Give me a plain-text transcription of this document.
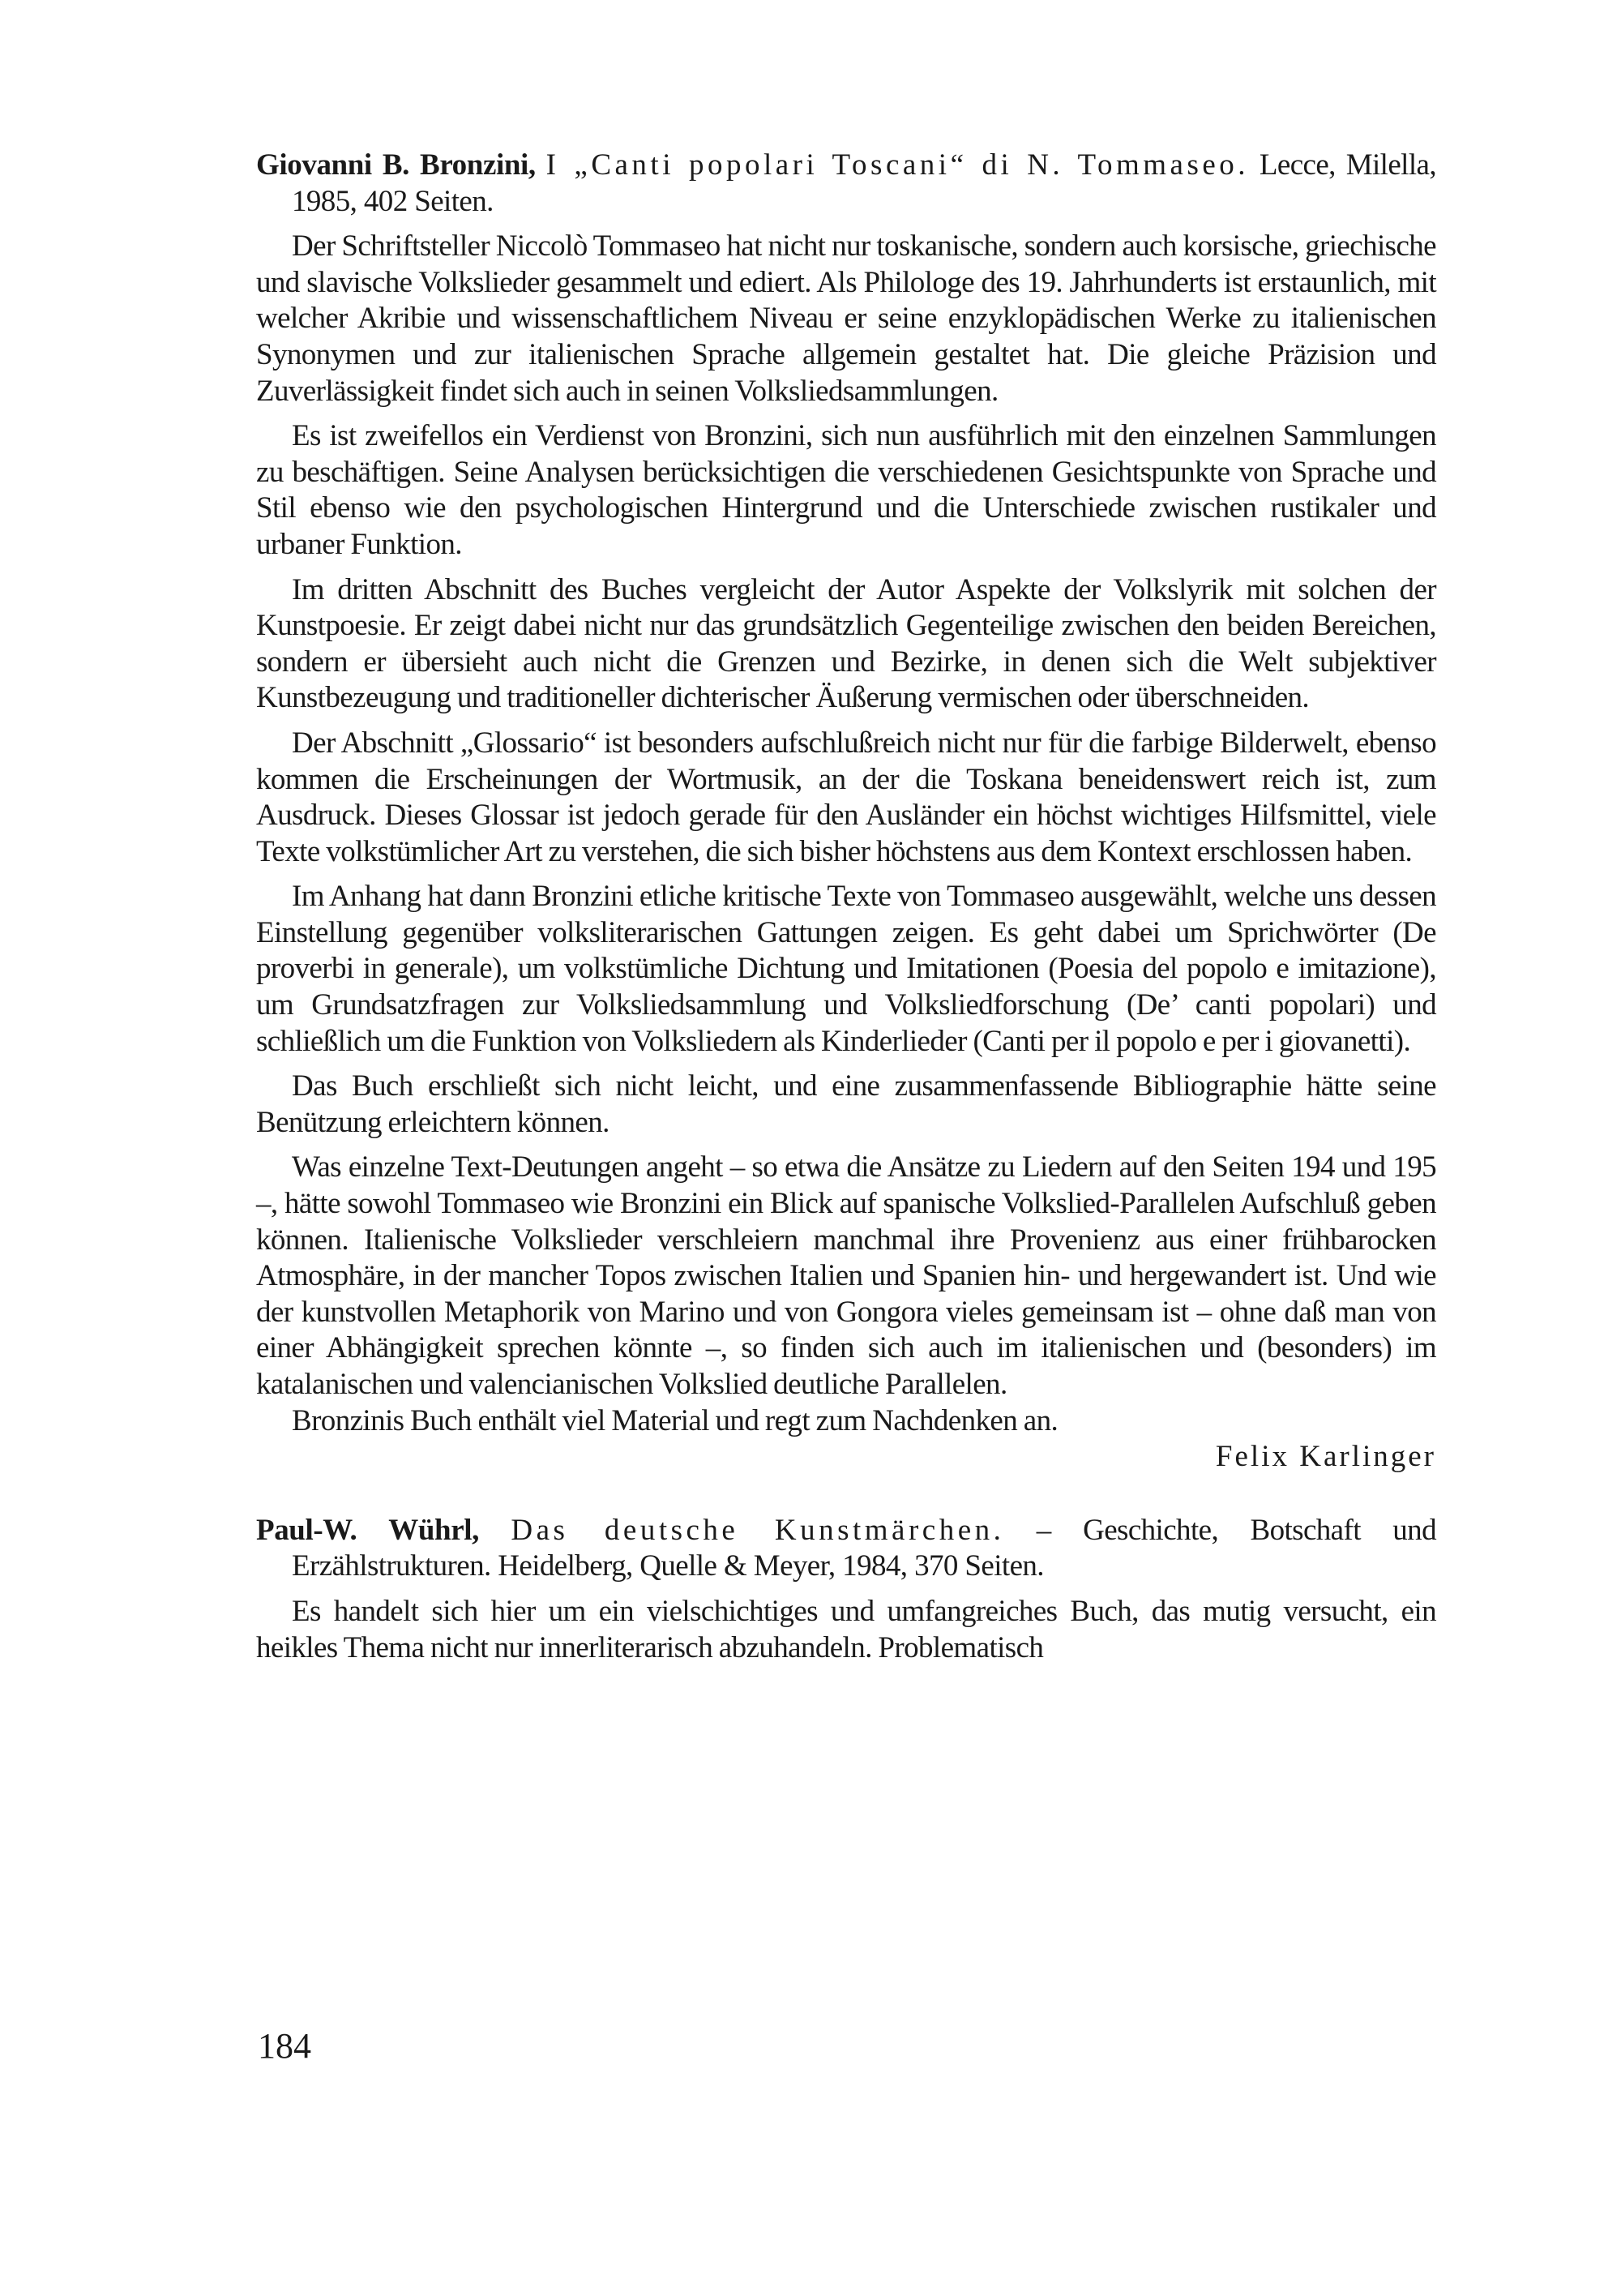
Giovanni B. Bronzini, I „Canti popolari Toscani“ di N. Tommaseo. Lecce, Milella, 1985, 402 Seiten.

Der Schriftsteller Niccolò Tommaseo hat nicht nur toskanische, sondern auch korsische, griechische und slavische Volkslieder gesammelt und ediert. Als Philologe des 19. Jahrhunderts ist erstaunlich, mit welcher Akribie und wissenschaftlichem Niveau er seine enzyklopädischen Werke zu italienischen Synonymen und zur italienischen Sprache allgemein gestaltet hat. Die gleiche Präzision und Zuverlässigkeit findet sich auch in seinen Volksliedsammlungen.

Es ist zweifellos ein Verdienst von Bronzini, sich nun ausführlich mit den einzelnen Sammlungen zu beschäftigen. Seine Analysen berücksichtigen die verschiedenen Gesichtspunkte von Sprache und Stil ebenso wie den psychologischen Hintergrund und die Unterschiede zwischen rustikaler und urbaner Funktion.

Im dritten Abschnitt des Buches vergleicht der Autor Aspekte der Volkslyrik mit solchen der Kunstpoesie. Er zeigt dabei nicht nur das grundsätzlich Gegenteilige zwischen den beiden Bereichen, sondern er übersieht auch nicht die Grenzen und Bezirke, in denen sich die Welt subjektiver Kunstbezeugung und traditioneller dichterischer Äußerung vermischen oder überschneiden.

Der Abschnitt „Glossario“ ist besonders aufschlußreich nicht nur für die farbige Bilderwelt, ebenso kommen die Erscheinungen der Wortmusik, an der die Toskana beneidenswert reich ist, zum Ausdruck. Dieses Glossar ist jedoch gerade für den Ausländer ein höchst wichtiges Hilfsmittel, viele Texte volkstümlicher Art zu verstehen, die sich bisher höchstens aus dem Kontext erschlossen haben.

Im Anhang hat dann Bronzini etliche kritische Texte von Tommaseo ausgewählt, welche uns dessen Einstellung gegenüber volksliterarischen Gattungen zeigen. Es geht dabei um Sprichwörter (De proverbi in generale), um volkstümliche Dichtung und Imitationen (Poesia del popolo e imitazione), um Grundsatzfragen zur Volksliedsammlung und Volksliedforschung (De’ canti popolari) und schließlich um die Funktion von Volksliedern als Kinderlieder (Canti per il popolo e per i giovanetti).

Das Buch erschließt sich nicht leicht, und eine zusammenfassende Bibliographie hätte seine Benützung erleichtern können.

Was einzelne Text-Deutungen angeht – so etwa die Ansätze zu Liedern auf den Seiten 194 und 195 –, hätte sowohl Tommaseo wie Bronzini ein Blick auf spanische Volkslied-Parallelen Aufschluß geben können. Italienische Volkslieder verschleiern manchmal ihre Provenienz aus einer frühbarocken Atmosphäre, in der mancher Topos zwischen Italien und Spanien hin- und hergewandert ist. Und wie der kunstvollen Metaphorik von Marino und von Gongora vieles gemeinsam ist – ohne daß man von einer Abhängigkeit sprechen könnte –, so finden sich auch im italienischen und (besonders) im katalanischen und valencianischen Volkslied deutliche Parallelen.

Bronzinis Buch enthält viel Material und regt zum Nachdenken an.

Felix Karlinger

Paul-W. Wührl, Das deutsche Kunstmärchen. – Geschichte, Botschaft und Erzählstrukturen. Heidelberg, Quelle & Meyer, 1984, 370 Seiten.

Es handelt sich hier um ein vielschichtiges und umfangreiches Buch, das mutig versucht, ein heikles Thema nicht nur innerliterarisch abzuhandeln. Problematisch

184
